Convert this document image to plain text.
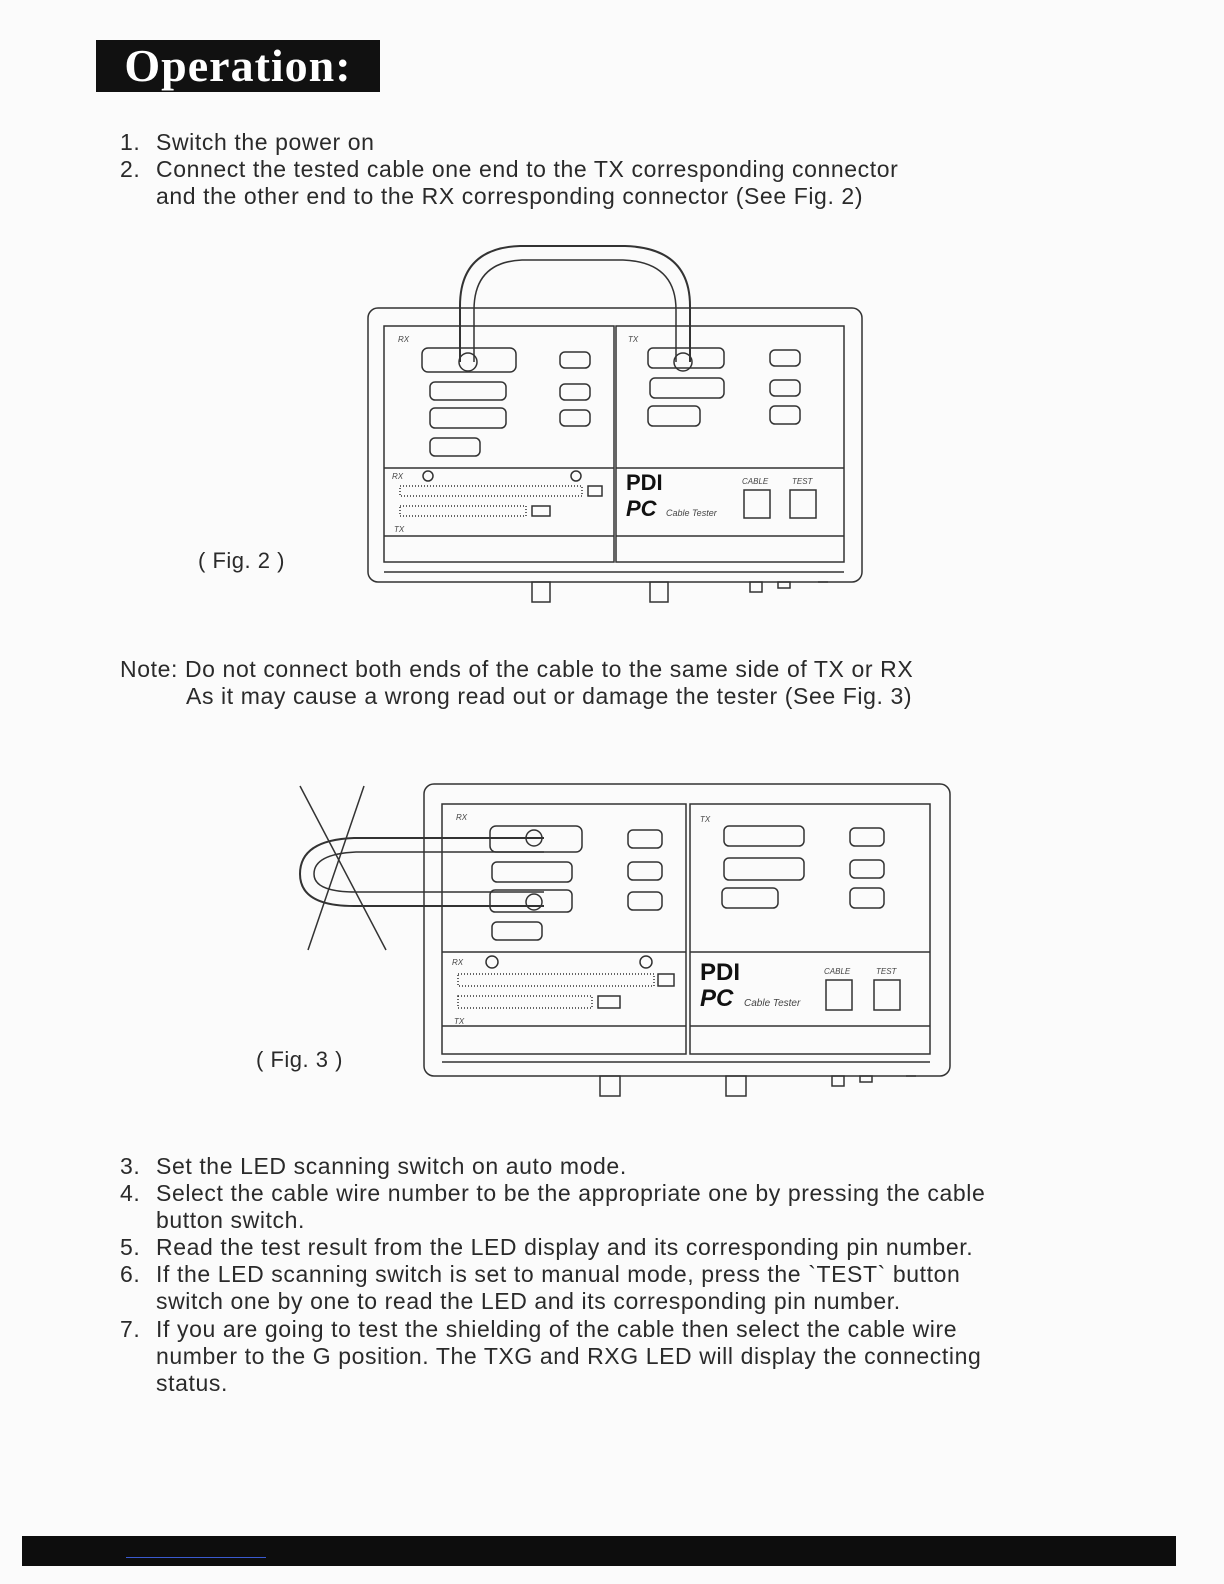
Operation:
1. Switch the power on
2. Connect the tested cable one end to the TX corresponding connector
and the other end to the RX corresponding connector (See Fig. 2)
( Fig. 2 )
RX	TX
RX
TX
PDI
PC Cable Tester
CABLE	TEST
Note: Do not connect both ends of the cable to the same side of TX or RX
As it may cause a wrong read out or damage the tester (See Fig. 3)
( Fig. 3 )
RX	TX
RX
TX
PDI
PC Cable Tester
CABLE	TEST
3. Set the LED scanning switch on auto mode.
4. Select the cable wire number to be the appropriate one by pressing the cable
button switch.
5. Read the test result from the LED display and its corresponding pin number.
6. If the LED scanning switch is set to manual mode, press the `TEST` button
switch one by one to read the LED and its corresponding pin number.
7. If you are going to test the shielding of the cable then select the cable wire
number to the G position. The TXG and RXG LED will display the connecting
status.
